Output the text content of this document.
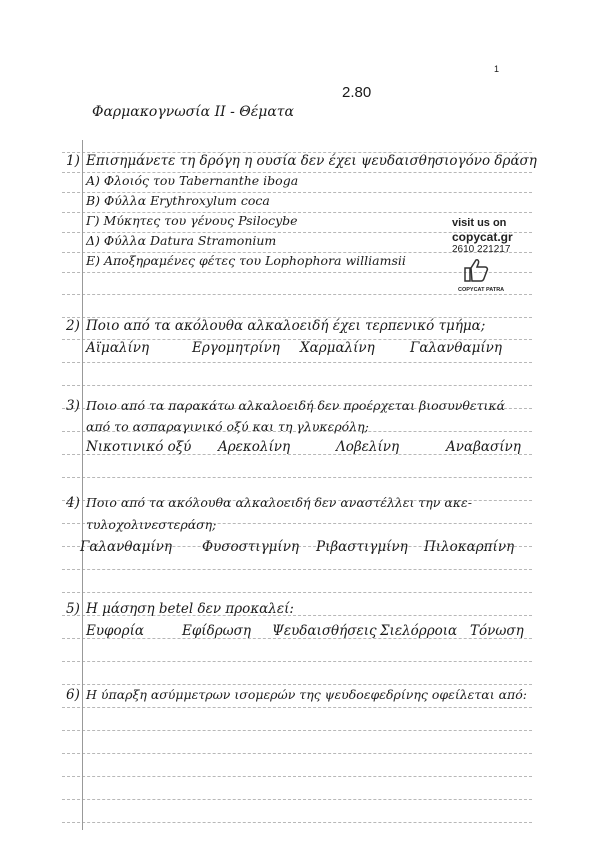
1
2.80
Φαρμακογνωσία ΙΙ - Θέματα
1) Επισημάνετε τη δρόγη η ουσία δεν έχει ψευδαισθησιογόνο δράση
Α) Φλοιός του Tabernanthe iboga
Β) Φύλλα Erythroxylum coca
Γ) Μύκητες του γένους Psilocybe
Δ) Φύλλα Datura Stramonium
Ε) Αποξηραμένες φέτες του Lophophora williamsii
visit us on
copycat.gr
2610 221217
COPYCAT PATRA
2) Ποιο από τα ακόλουθα αλκαλοειδή έχει τερπενικό τμήμα;
Αϊμαλίνη	Εργομητρίνη Χαρμαλίνη	Γαλανθαμίνη
3) Ποιο από τα παρακάτω αλκαλοειδή δεν προέρχεται βιοσυνθετικά
από το ασπαραγινικό οξύ και τη γλυκερόλη;
Νικοτινικό οξύ Αρεκολίνη	Λοβελίνη	Αναβασίνη
4) Ποιο από τα ακόλουθα αλκαλοειδή δεν αναστέλλει την ακε-
τυλοχολινεστεράση;
Γαλανθαμίνη Φυσοστιγμίνη Ριβαστιγμίνη Πιλοκαρπίνη
5) Η μάσηση betel δεν προκαλεί:
Ευφορία	Εφίδρωση Ψευδαισθήσεις Σιελόρροια Τόνωση
6) Η ύπαρξη ασύμμετρων ισομερών της ψευδοεφεδρίνης οφείλεται από:
